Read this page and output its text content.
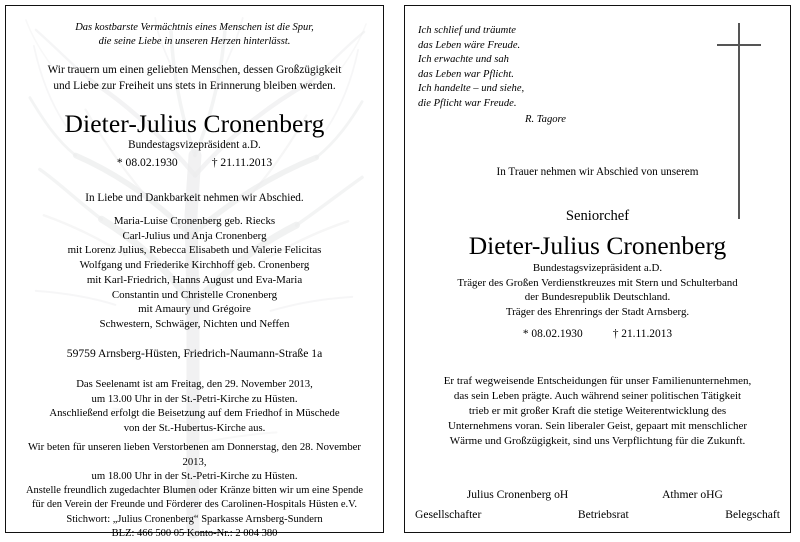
Das kostbarste Vermächtnis eines Menschen ist die Spur,
die seine Liebe in unseren Herzen hinterlässt.
Wir trauern um einen geliebten Menschen, dessen Großzügigkeit
und Liebe zur Freiheit uns stets in Erinnerung bleiben werden.
Dieter-Julius Cronenberg
Bundestagsvizepräsident a.D.
* 08.02.1930	† 21.11.2013
In Liebe und Dankbarkeit nehmen wir Abschied.
Maria-Luise Cronenberg geb. Riecks
Carl-Julius und Anja Cronenberg
mit Lorenz Julius, Rebecca Elisabeth und Valerie Felicitas
Wolfgang und Friederike Kirchhoff geb. Cronenberg
mit Karl-Friedrich, Hanns August und Eva-Maria
Constantin und Christelle Cronenberg
mit Amaury und Grégoire
Schwestern, Schwäger, Nichten und Neffen
59759 Arnsberg-Hüsten, Friedrich-Naumann-Straße 1a
Das Seelenamt ist am Freitag, den 29. November 2013,
um 13.00 Uhr in der St.-Petri-Kirche zu Hüsten.
Anschließend erfolgt die Beisetzung auf dem Friedhof in Müschede
von der St.-Hubertus-Kirche aus.
Wir beten für unseren lieben Verstorbenen am Donnerstag, den 28. November 2013,
um 18.00 Uhr in der St.-Petri-Kirche zu Hüsten.
Anstelle freundlich zugedachter Blumen oder Kränze bitten wir um eine Spende
für den Verein der Freunde und Förderer des Carolinen-Hospitals Hüsten e.V.
Stichwort: „Julius Cronenberg“ Sparkasse Arnsberg-Sundern
BLZ: 466 500 05 Konto-Nr.: 2 004 380
Ich schlief und träumte
das Leben wäre Freude.
Ich erwachte und sah
das Leben war Pflicht.
Ich handelte – und siehe,
die Pflicht war Freude.
R. Tagore
In Trauer nehmen wir Abschied von unserem
Seniorchef
Dieter-Julius Cronenberg
Bundestagsvizepräsident a.D.
Träger des Großen Verdienstkreuzes mit Stern und Schulterband
der Bundesrepublik Deutschland.
Träger des Ehrenrings der Stadt Arnsberg.
* 08.02.1930	† 21.11.2013
Er traf wegweisende Entscheidungen für unser Familienunternehmen,
das sein Leben prägte. Auch während seiner politischen Tätigkeit
trieb er mit großer Kraft die stetige Weiterentwicklung des
Unternehmens voran. Sein liberaler Geist, gepaart mit menschlicher
Wärme und Großzügigkeit, sind uns Verpflichtung für die Zukunft.
Julius Cronenberg oH	Athmer oHG
Gesellschafter	Betriebsrat	Belegschaft
